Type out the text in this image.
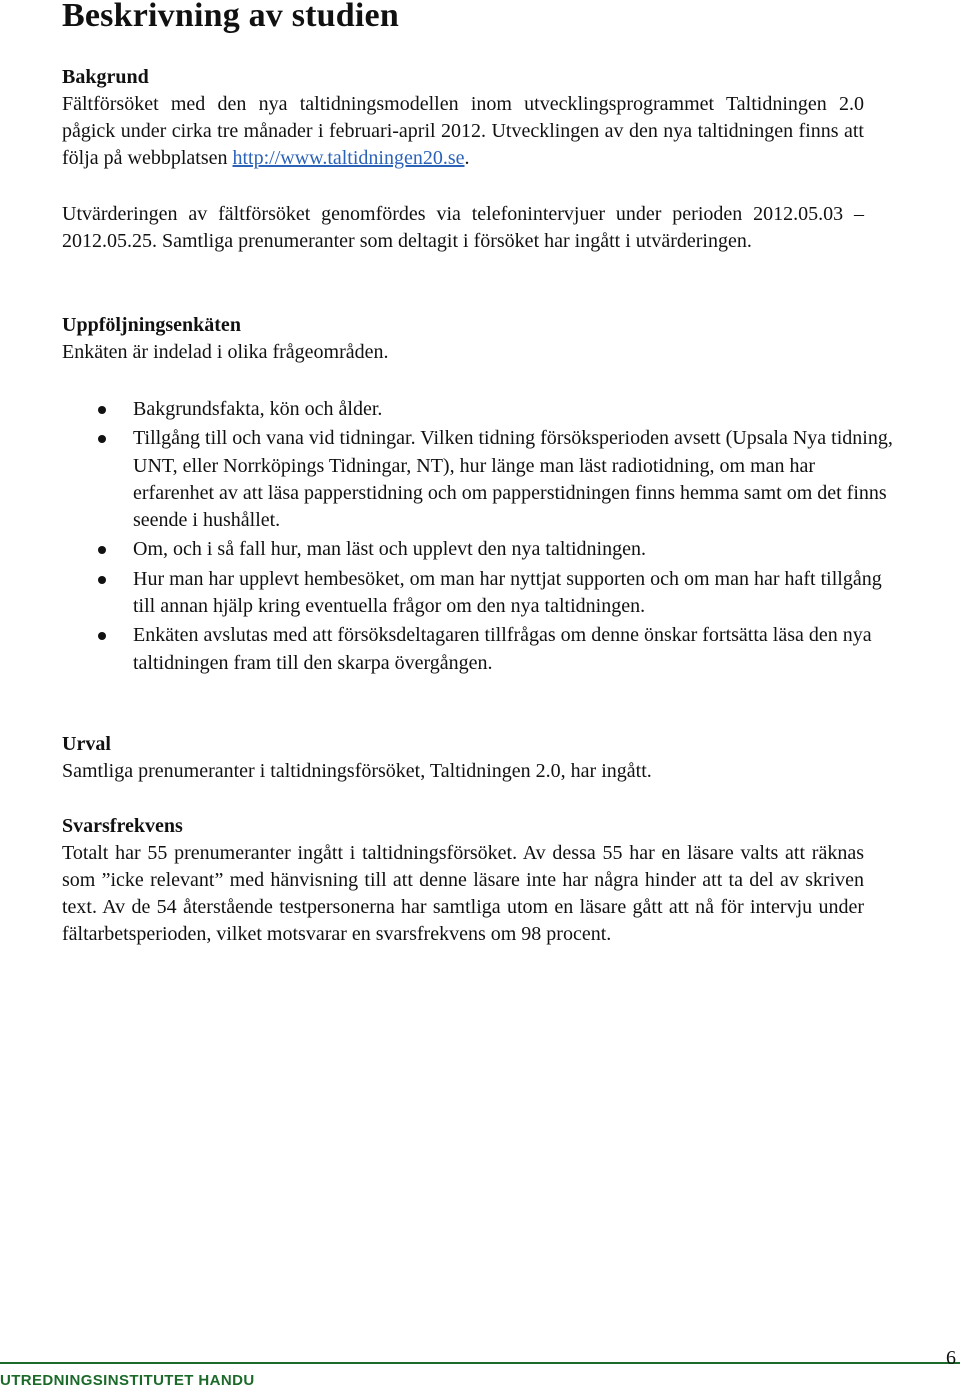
Beskrivning av studien

Bakgrund

Fältförsöket med den nya taltidningsmodellen inom utvecklingsprogrammet Taltidningen 2.0 pågick under cirka tre månader i februari-april 2012. Utvecklingen av den nya taltidningen finns att följa på webbplatsen http://www.taltidningen20.se.

Utvärderingen av fältförsöket genomfördes via telefonintervjuer under perioden 2012.05.03 – 2012.05.25. Samtliga prenumeranter som deltagit i försöket har ingått i utvärderingen.

Uppföljningsenkäten

Enkäten är indelad i olika frågeområden.

Bakgrundsfakta, kön och ålder.
Tillgång till och vana vid tidningar. Vilken tidning försöksperioden avsett (Upsala Nya tidning, UNT, eller Norrköpings Tidningar, NT), hur länge man läst radiotidning, om man har erfarenhet av att läsa papperstidning och om papperstidningen finns hemma samt om det finns seende i hushållet.
Om, och i så fall hur, man läst och upplevt den nya taltidningen.
Hur man har upplevt hembesöket, om man har nyttjat supporten och om man har haft tillgång till annan hjälp kring eventuella frågor om den nya taltidningen.
Enkäten avslutas med att försöksdeltagaren tillfrågas om denne önskar fortsätta läsa den nya taltidningen fram till den skarpa övergången.

Urval

Samtliga prenumeranter i taltidningsförsöket, Taltidningen 2.0, har ingått.

Svarsfrekvens

Totalt har 55 prenumeranter ingått i taltidningsförsöket. Av dessa 55 har en läsare valts att räknas som ”icke relevant” med hänvisning till att denne läsare inte har några hinder att ta del av skriven text. Av de 54 återstående testpersonerna har samtliga utom en läsare gått att nå för intervju under fältarbetsperioden, vilket motsvarar en svarsfrekvens om 98 procent.

UTREDNINGSINSTITUTET HANDU
6
